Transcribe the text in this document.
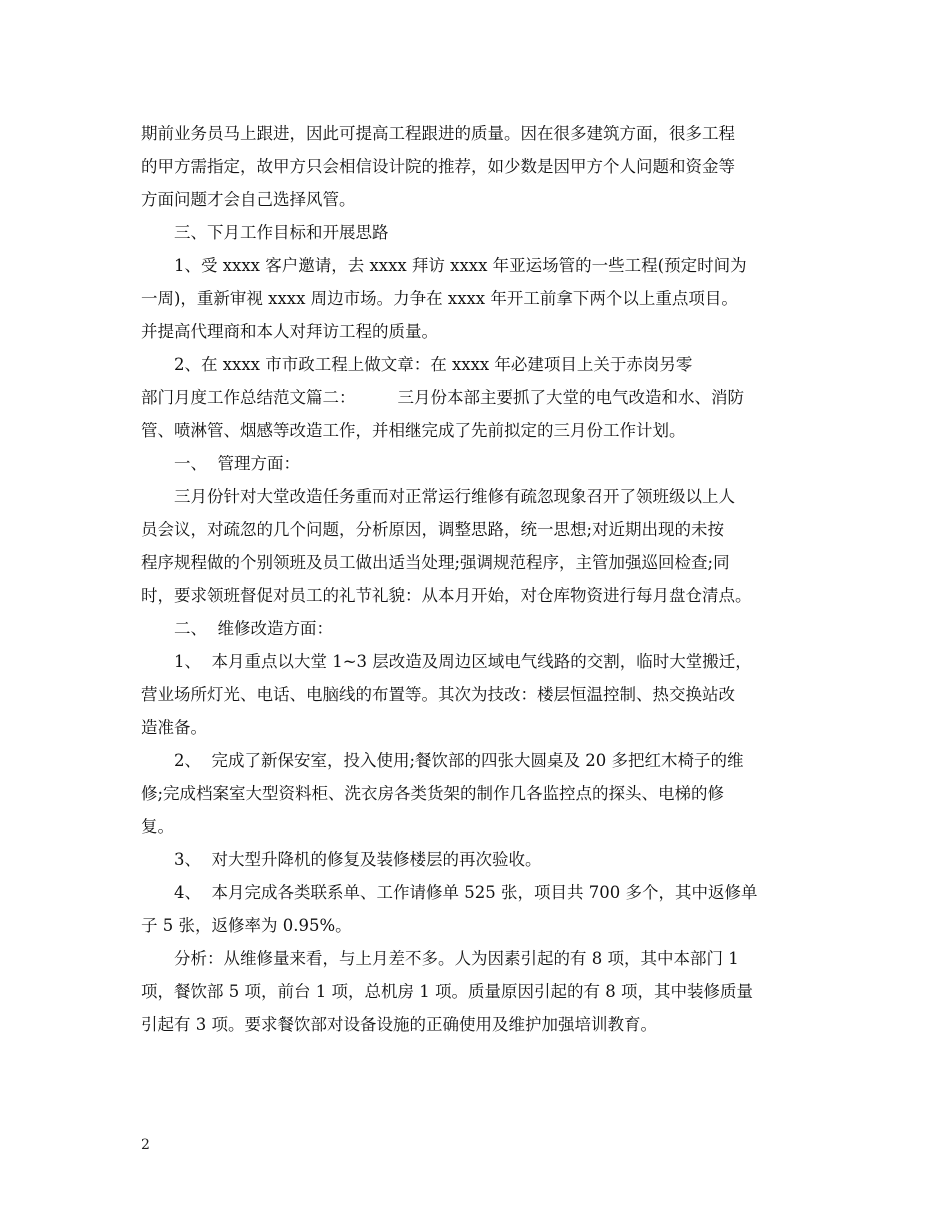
期前业务员马上跟进，因此可提高工程跟进的质量。因在很多建筑方面，很多工程
的甲方需指定，故甲方只会相信设计院的推荐，如少数是因甲方个人问题和资金等
方面问题才会自己选择风管。
三、下月工作目标和开展思路
1、受 xxxx 客户邀请，去 xxxx 拜访 xxxx 年亚运场管的一些工程(预定时间为
一周)，重新审视 xxxx 周边市场。力争在 xxxx 年开工前拿下两个以上重点项目。
并提高代理商和本人对拜访工程的质量。
2、在 xxxx 市市政工程上做文章：在 xxxx 年必建项目上关于赤岗另零
部门月度工作总结范文篇二：        三月份本部主要抓了大堂的电气改造和水、消防
管、喷淋管、烟感等改造工作，并相继完成了先前拟定的三月份工作计划。
一、  管理方面：
三月份针对大堂改造任务重而对正常运行维修有疏忽现象召开了领班级以上人
员会议，对疏忽的几个问题，分析原因，调整思路，统一思想;对近期出现的未按
程序规程做的个别领班及员工做出适当处理;强调规范程序，主管加强巡回检查;同
时，要求领班督促对员工的礼节礼貌：从本月开始，对仓库物资进行每月盘仓清点。
二、  维修改造方面：
1、  本月重点以大堂 1~3 层改造及周边区域电气线路的交割，临时大堂搬迁，
营业场所灯光、电话、电脑线的布置等。其次为技改：楼层恒温控制、热交换站改
造准备。
2、  完成了新保安室，投入使用;餐饮部的四张大圆桌及 20 多把红木椅子的维
修;完成档案室大型资料柜、洗衣房各类货架的制作几各监控点的探头、电梯的修
复。
3、  对大型升降机的修复及装修楼层的再次验收。
4、  本月完成各类联系单、工作请修单 525 张，项目共 700 多个，其中返修单
子 5 张，返修率为 0.95%。
分析：从维修量来看，与上月差不多。人为因素引起的有 8 项，其中本部门 1
项，餐饮部 5 项，前台 1 项，总机房 1 项。质量原因引起的有 8 项，其中装修质量
引起有 3 项。要求餐饮部对设备设施的正确使用及维护加强培训教育。
2
